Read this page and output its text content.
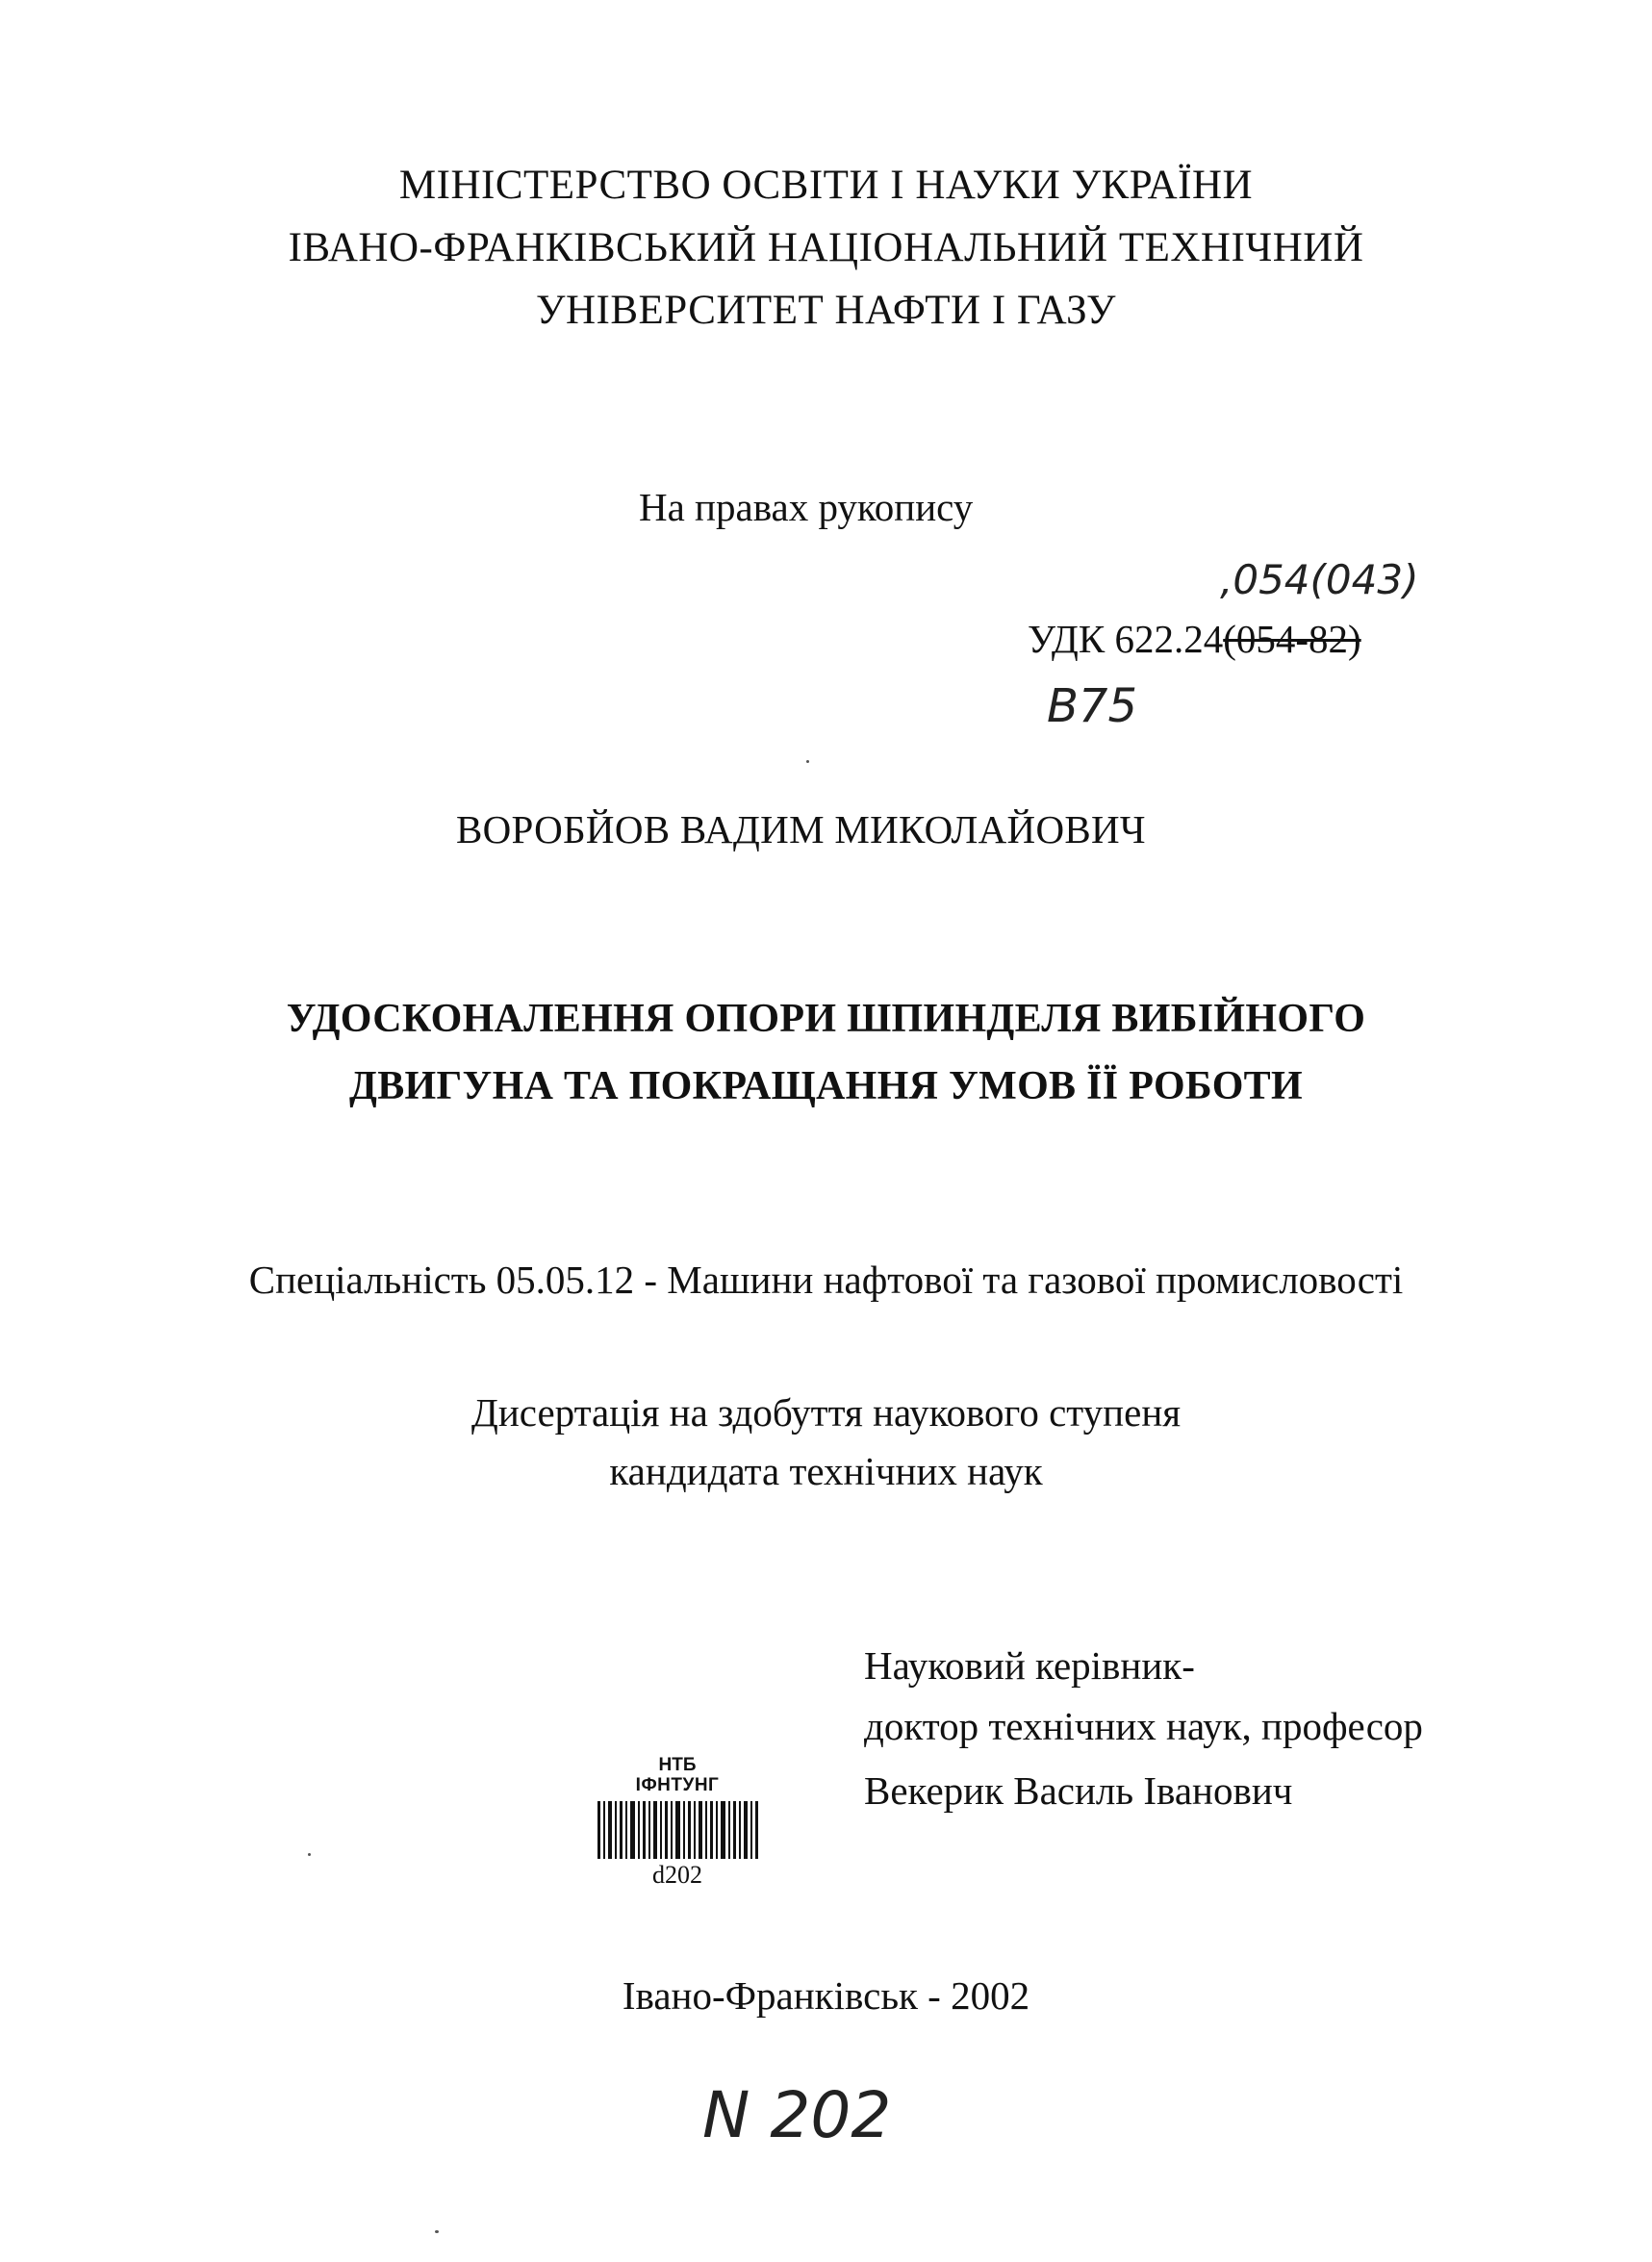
МІНІСТЕРСТВО ОСВІТИ І НАУКИ УКРАЇНИ
ІВАНО-ФРАНКІВСЬКИЙ НАЦІОНАЛЬНИЙ ТЕХНІЧНИЙ
УНІВЕРСИТЕТ НАФТИ І ГАЗУ
На правах рукопису
,054(043)
УДК 622.24(054-82)
В75
ВОРОБЙОВ ВАДИМ МИКОЛАЙОВИЧ
УДОСКОНАЛЕННЯ ОПОРИ ШПИНДЕЛЯ ВИБІЙНОГО
ДВИГУНА ТА ПОКРАЩАННЯ УМОВ ЇЇ РОБОТИ
Спеціальність 05.05.12 - Машини нафтової та газової промисловості
Дисертація на здобуття наукового ступеня
кандидата технічних наук
Науковий керівник-
доктор технічних наук, професор
Векерик Василь Іванович
НТБ
ІФНТУНГ
d202
Івано-Франківськ - 2002
N 202
